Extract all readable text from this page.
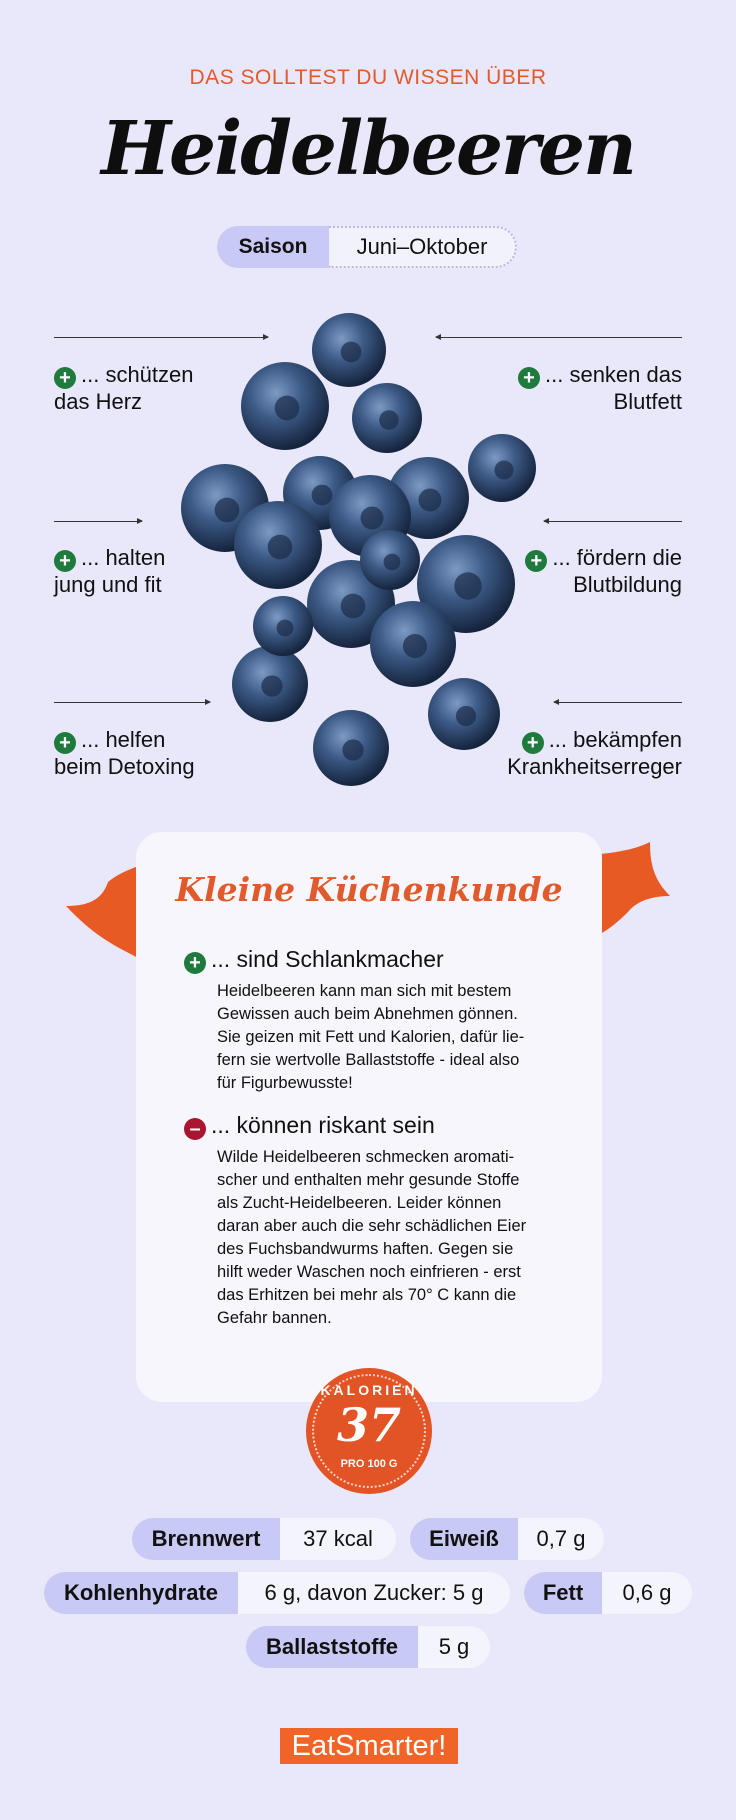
DAS SOLLTEST DU WISSEN ÜBER
Heidelbeeren
Saison	Juni–Oktober
+ ... schützen
das Herz
+ ... halten
jung und fit
+ ... helfen
beim Detoxing
+ ... senken das
Blutfett
+ ... fördern die
Blutbildung
+ ... bekämpfen
Krankheitserreger
Kleine Küchenkunde
+ ... sind Schlankmacher
Heidelbeeren kann man sich mit bestem
Gewissen auch beim Abnehmen gönnen.
Sie geizen mit Fett und Kalorien, dafür lie-
fern sie wertvolle Ballaststoffe - ideal also
für Figurbewusste!
– ... können riskant sein
Wilde Heidelbeeren schmecken aromati-
scher und enthalten mehr gesunde Stoffe
als Zucht-Heidelbeeren. Leider können
daran aber auch die sehr schädlichen Eier
des Fuchsbandwurms haften. Gegen sie
hilft weder Waschen noch einfrieren - erst
das Erhitzen bei mehr als 70° C kann die
Gefahr bannen.
KALORIEN
37
PRO 100 G
Brennwert	37 kcal	Eiweiß	0,7 g
Kohlenhydrate	6 g, davon Zucker: 5 g	Fett	0,6 g
Ballaststoffe	5 g
EatSmarter!
